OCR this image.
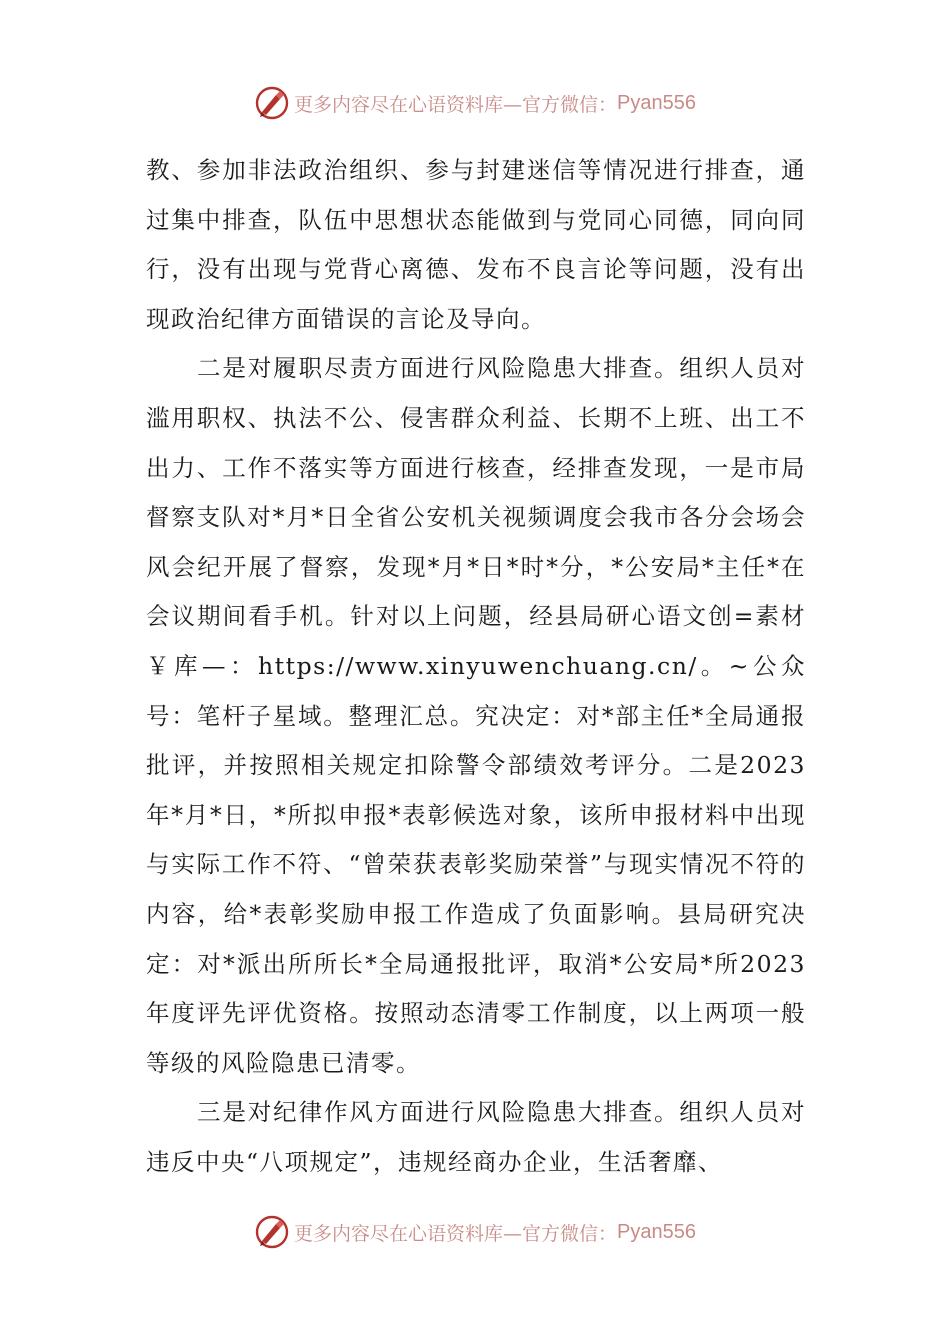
更多内容尽在心语资料库—官方微信： Pyan556

教、参加非法政治组织、参与封建迷信等情况进行排查，通过集中排查，队伍中思想状态能做到与党同心同德，同向同行，没有出现与党背心离德、发布不良言论等问题，没有出现政治纪律方面错误的言论及导向。

二是对履职尽责方面进行风险隐患大排查。组织人员对滥用职权、执法不公、侵害群众利益、长期不上班、出工不出力、工作不落实等方面进行核查，经排查发现，一是市局督察支队对*月*日全省公安机关视频调度会我市各分会场会风会纪开展了督察，发现*月*日*时*分，*公安局*主任*在会议期间看手机。针对以上问题，经县局研心语文创=素材￥库—：https://www.xinyuwenchuang.cn/。~公众号：笔杆子星域。整理汇总。究决定：对*部主任*全局通报批评，并按照相关规定扣除警令部绩效考评分。二是2023年*月*日，*所拟申报*表彰候选对象，该所申报材料中出现与实际工作不符、“曾荣获表彰奖励荣誉”与现实情况不符的内容，给*表彰奖励申报工作造成了负面影响。县局研究决定：对*派出所所长*全局通报批评，取消*公安局*所2023年度评先评优资格。按照动态清零工作制度，以上两项一般等级的风险隐患已清零。

三是对纪律作风方面进行风险隐患大排查。组织人员对违反中央“八项规定”，违规经商办企业，生活奢靡、

更多内容尽在心语资料库—官方微信： Pyan556
